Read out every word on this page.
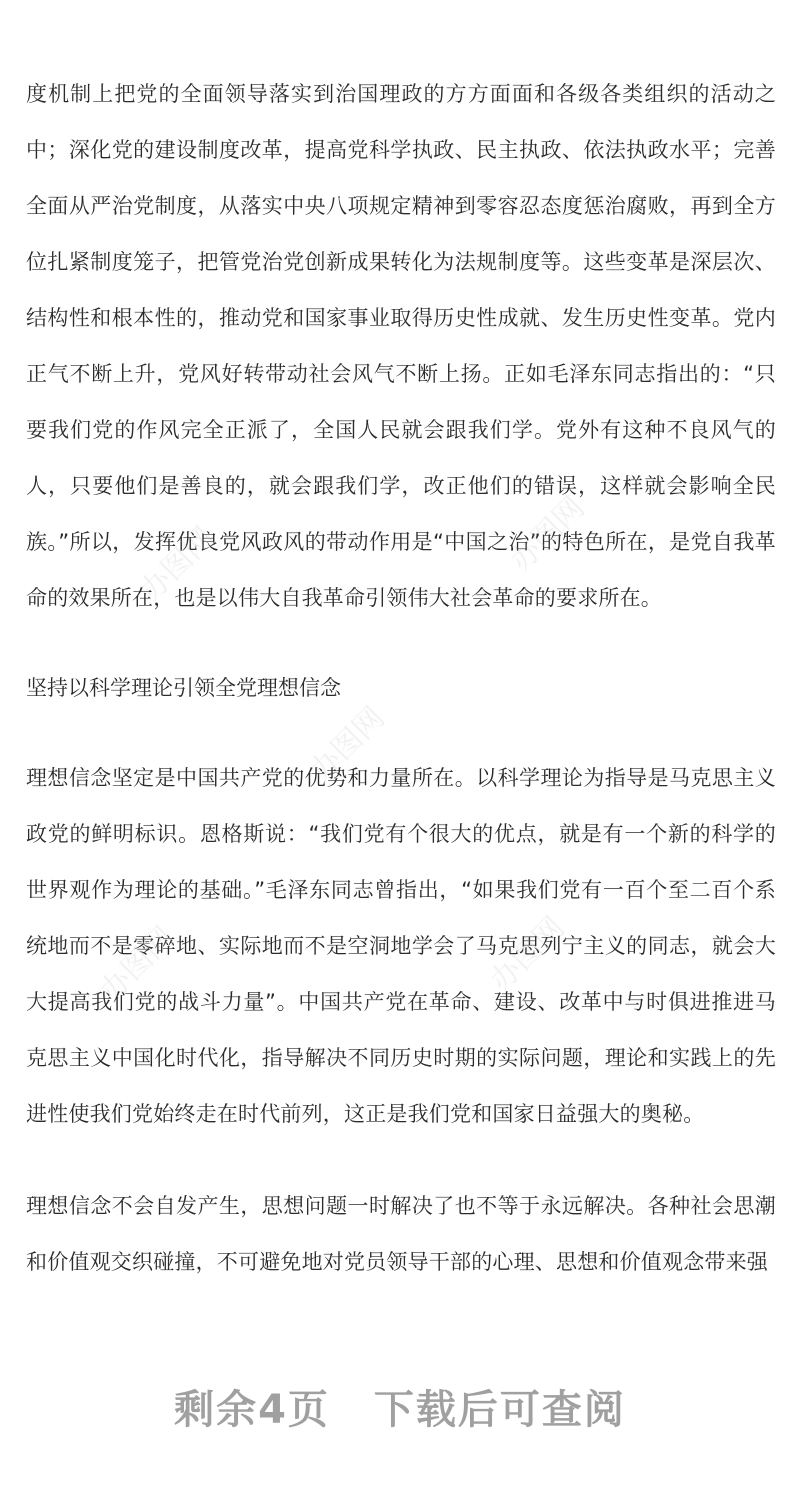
度机制上把党的全面领导落实到治国理政的方方面面和各级各类组织的活动之中；深化党的建设制度改革，提高党科学执政、民主执政、依法执政水平；完善全面从严治党制度，从落实中央八项规定精神到零容忍态度惩治腐败，再到全方位扎紧制度笼子，把管党治党创新成果转化为法规制度等。这些变革是深层次、结构性和根本性的，推动党和国家事业取得历史性成就、发生历史性变革。党内正气不断上升，党风好转带动社会风气不断上扬。正如毛泽东同志指出的：“只要我们党的作风完全正派了，全国人民就会跟我们学。党外有这种不良风气的人，只要他们是善良的，就会跟我们学，改正他们的错误，这样就会影响全民族。”所以，发挥优良党风政风的带动作用是“中国之治”的特色所在，是党自我革命的效果所在，也是以伟大自我革命引领伟大社会革命的要求所在。

坚持以科学理论引领全党理想信念

理想信念坚定是中国共产党的优势和力量所在。以科学理论为指导是马克思主义政党的鲜明标识。恩格斯说：“我们党有个很大的优点，就是有一个新的科学的世界观作为理论的基础。”毛泽东同志曾指出，“如果我们党有一百个至二百个系统地而不是零碎地、实际地而不是空洞地学会了马克思列宁主义的同志，就会大大提高我们党的战斗力量”。中国共产党在革命、建设、改革中与时俱进推进马克思主义中国化时代化，指导解决不同历史时期的实际问题，理论和实践上的先进性使我们党始终走在时代前列，这正是我们党和国家日益强大的奥秘。

理想信念不会自发产生，思想问题一时解决了也不等于永远解决。各种社会思潮和价值观交织碰撞，不可避免地对党员领导干部的心理、思想和价值观念带来强

办图网	办图网
办图网
办图网	办图网
剩余4页 下载后可查阅
